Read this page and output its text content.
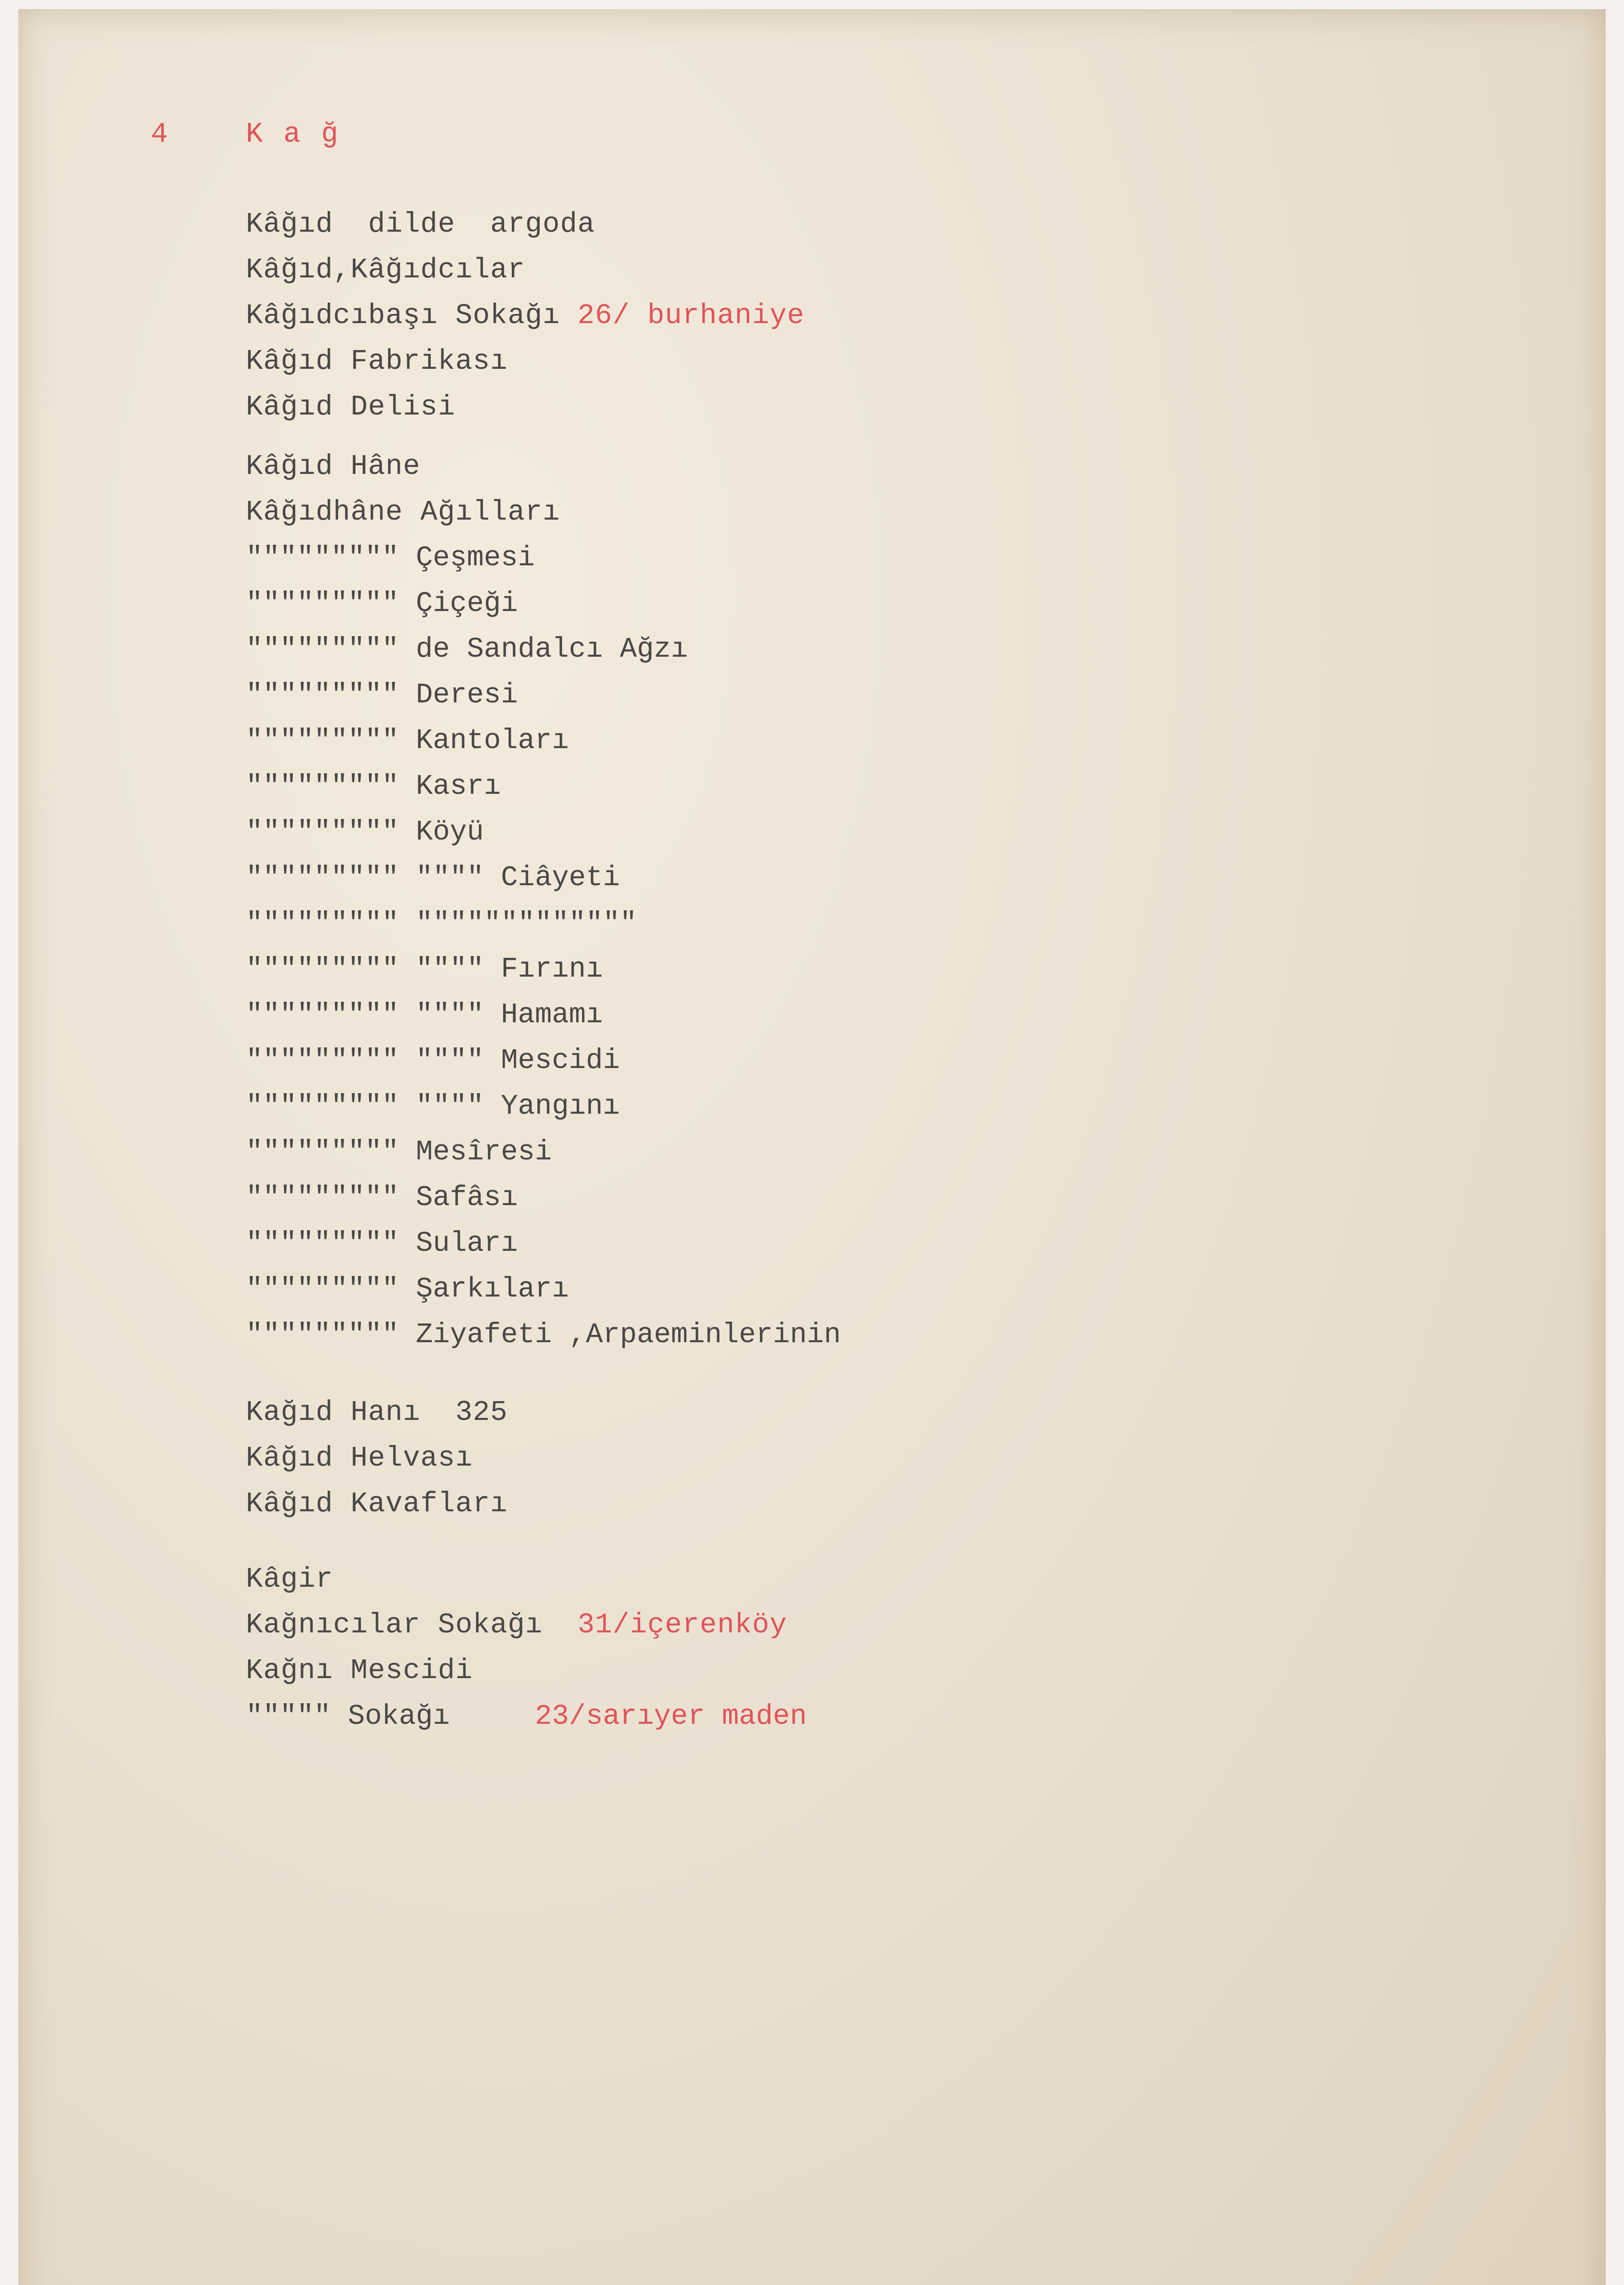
4	K a ğ
Kâğıd  dilde  argoda
Kâğıd,Kâğıdcılar
Kâğıdcıbaşı Sokağı 26/ burhaniye
Kâğıd Fabrikası
Kâğıd Delisi
Kâğıd Hâne
Kâğıdhâne Ağılları
""""""""" Çeşmesi
""""""""" Çiçeği
""""""""" de Sandalcı Ağzı
""""""""" Deresi
""""""""" Kantoları
""""""""" Kasrı
""""""""" Köyü
""""""""" """" Ciâyeti
""""""""" """""""""""""
""""""""" """" Fırını
""""""""" """" Hamamı
""""""""" """" Mescidi
""""""""" """" Yangını
""""""""" Mesîresi
""""""""" Safâsı
""""""""" Suları
""""""""" Şarkıları
""""""""" Ziyafeti ,Arpaeminlerinin
Kağıd Hanı  325
Kâğıd Helvası
Kâğıd Kavafları
Kâgir
Kağnıcılar Sokağı  31/içerenköy
Kağnı Mescidi
""""" Sokağı     23/sarıyer maden
